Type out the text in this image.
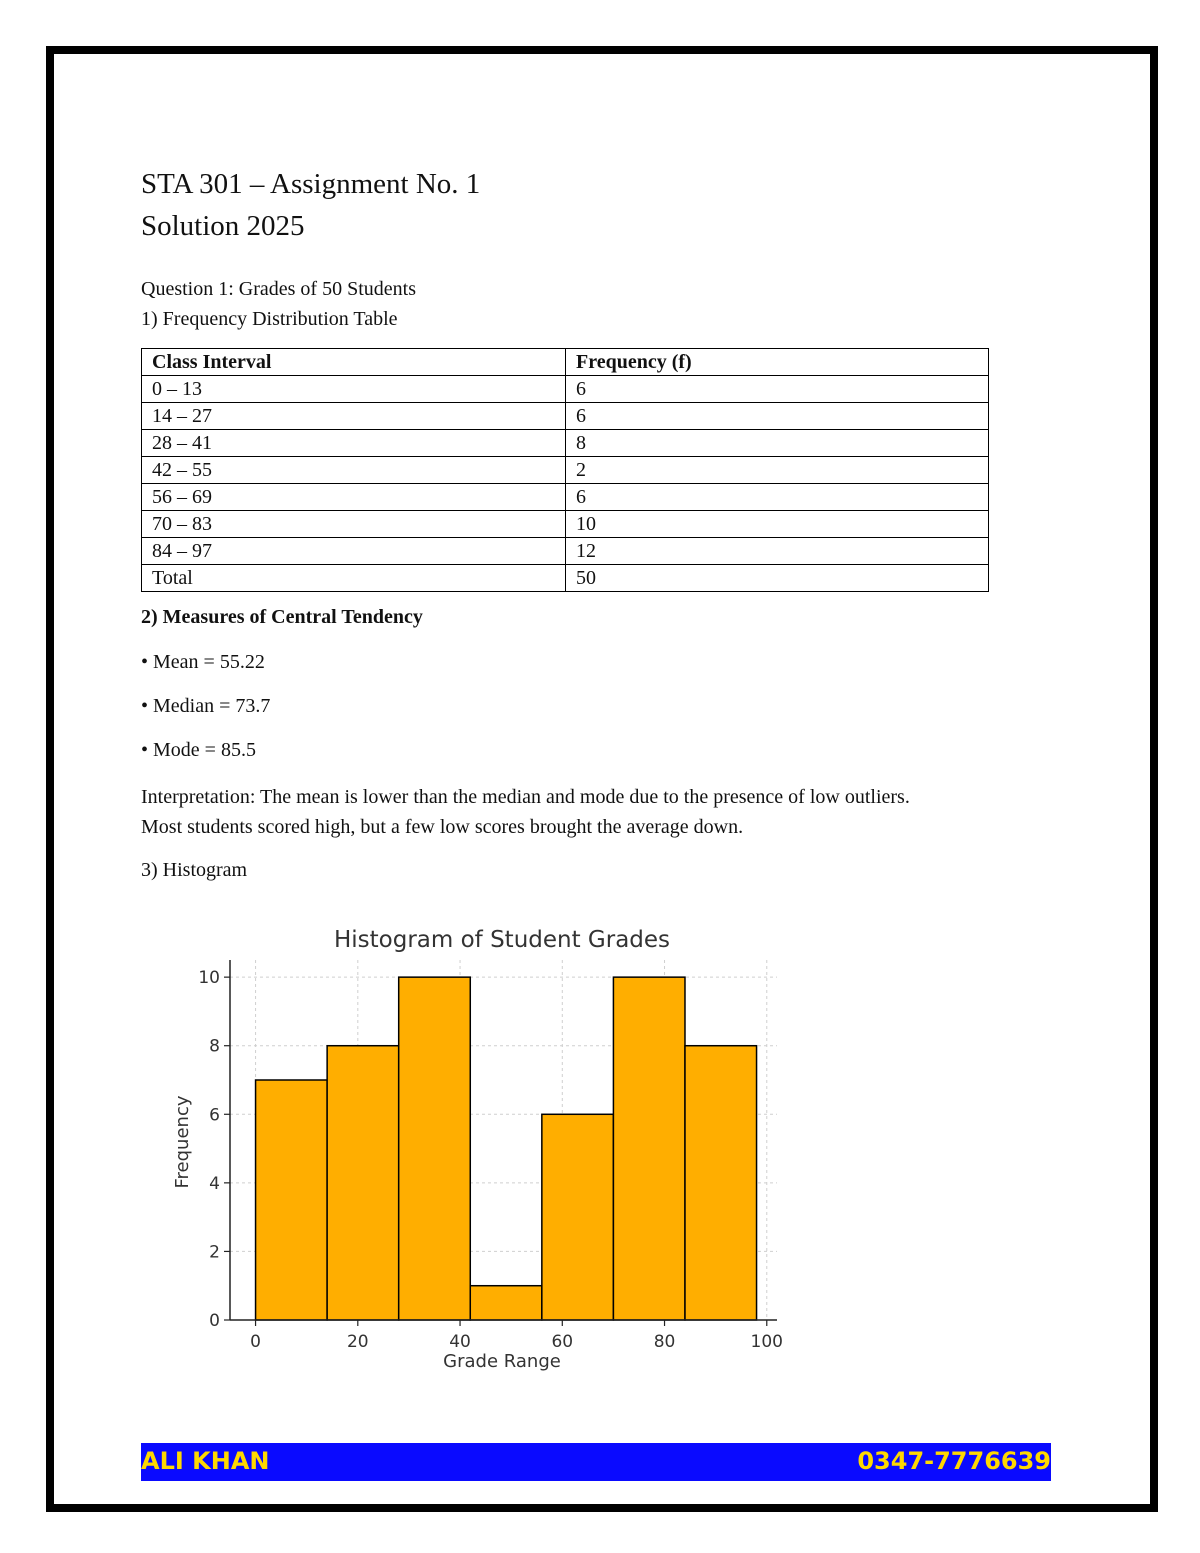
STA 301 – Assignment No. 1
Solution 2025
Question 1: Grades of 50 Students
1) Frequency Distribution Table
Class Interval	Frequency (f)
0 – 13	6
14 – 27	6
28 – 41	8
42 – 55	2
56 – 69	6
70 – 83	10
84 – 97	12
Total	50
2) Measures of Central Tendency
• Mean = 55.22
• Median = 73.7
• Mode = 85.5
Interpretation: The mean is lower than the median and mode due to the presence of low outliers.
Most students scored high, but a few low scores brought the average down.
3) Histogram
Histogram of Student Grades
Grade Range
Frequency
0	20	40	60	80	100
0
2
4
6
8
10
ALI KHAN	0347-7776639
